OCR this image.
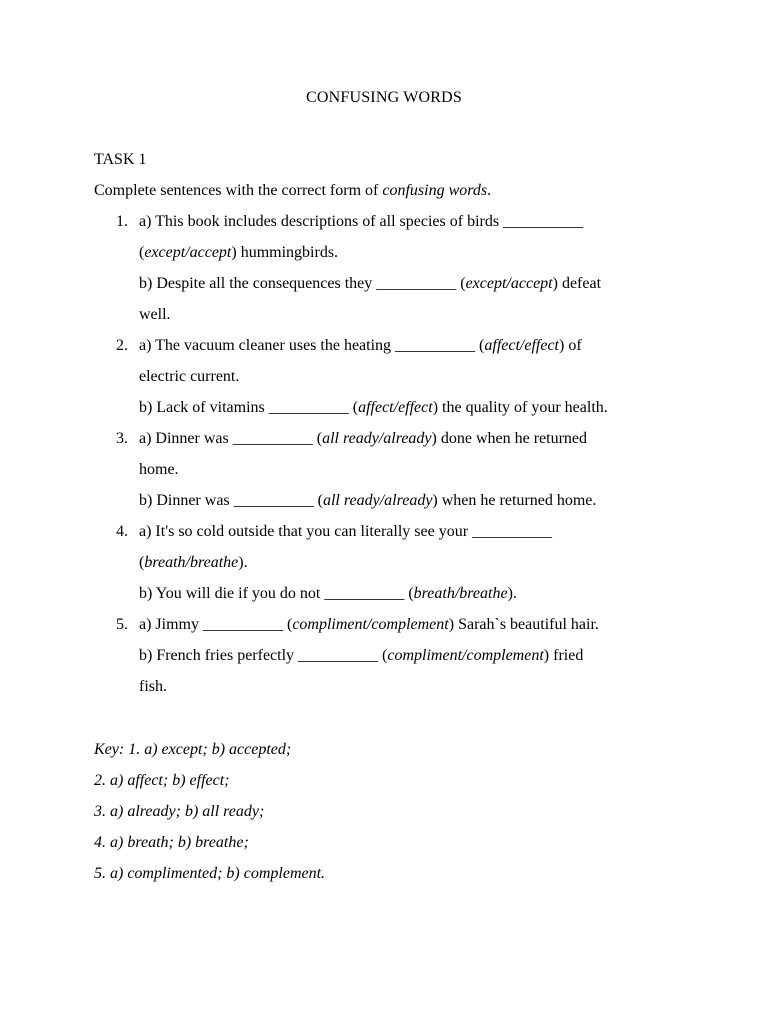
CONFUSING WORDS
TASK 1
Complete sentences with the correct form of confusing words.
1. a) This book includes descriptions of all species of birds __________
(except/accept) hummingbirds.
b) Despite all the consequences they __________ (except/accept) defeat
well.
2. a) The vacuum cleaner uses the heating __________ (affect/effect) of
electric current.
b) Lack of vitamins __________ (affect/effect) the quality of your health.
3. a) Dinner was __________ (all ready/already) done when he returned
home.
b) Dinner was __________ (all ready/already) when he returned home.
4. a) It's so cold outside that you can literally see your __________
(breath/breathe).
b) You will die if you do not __________ (breath/breathe).
5. a) Jimmy __________ (compliment/complement) Sarah`s beautiful hair.
b) French fries perfectly __________ (compliment/complement) fried
fish.
Key: 1. a) except; b) accepted;
2. a) affect; b) effect;
3. a) already; b) all ready;
4. a) breath; b) breathe;
5. a) complimented; b) complement.
